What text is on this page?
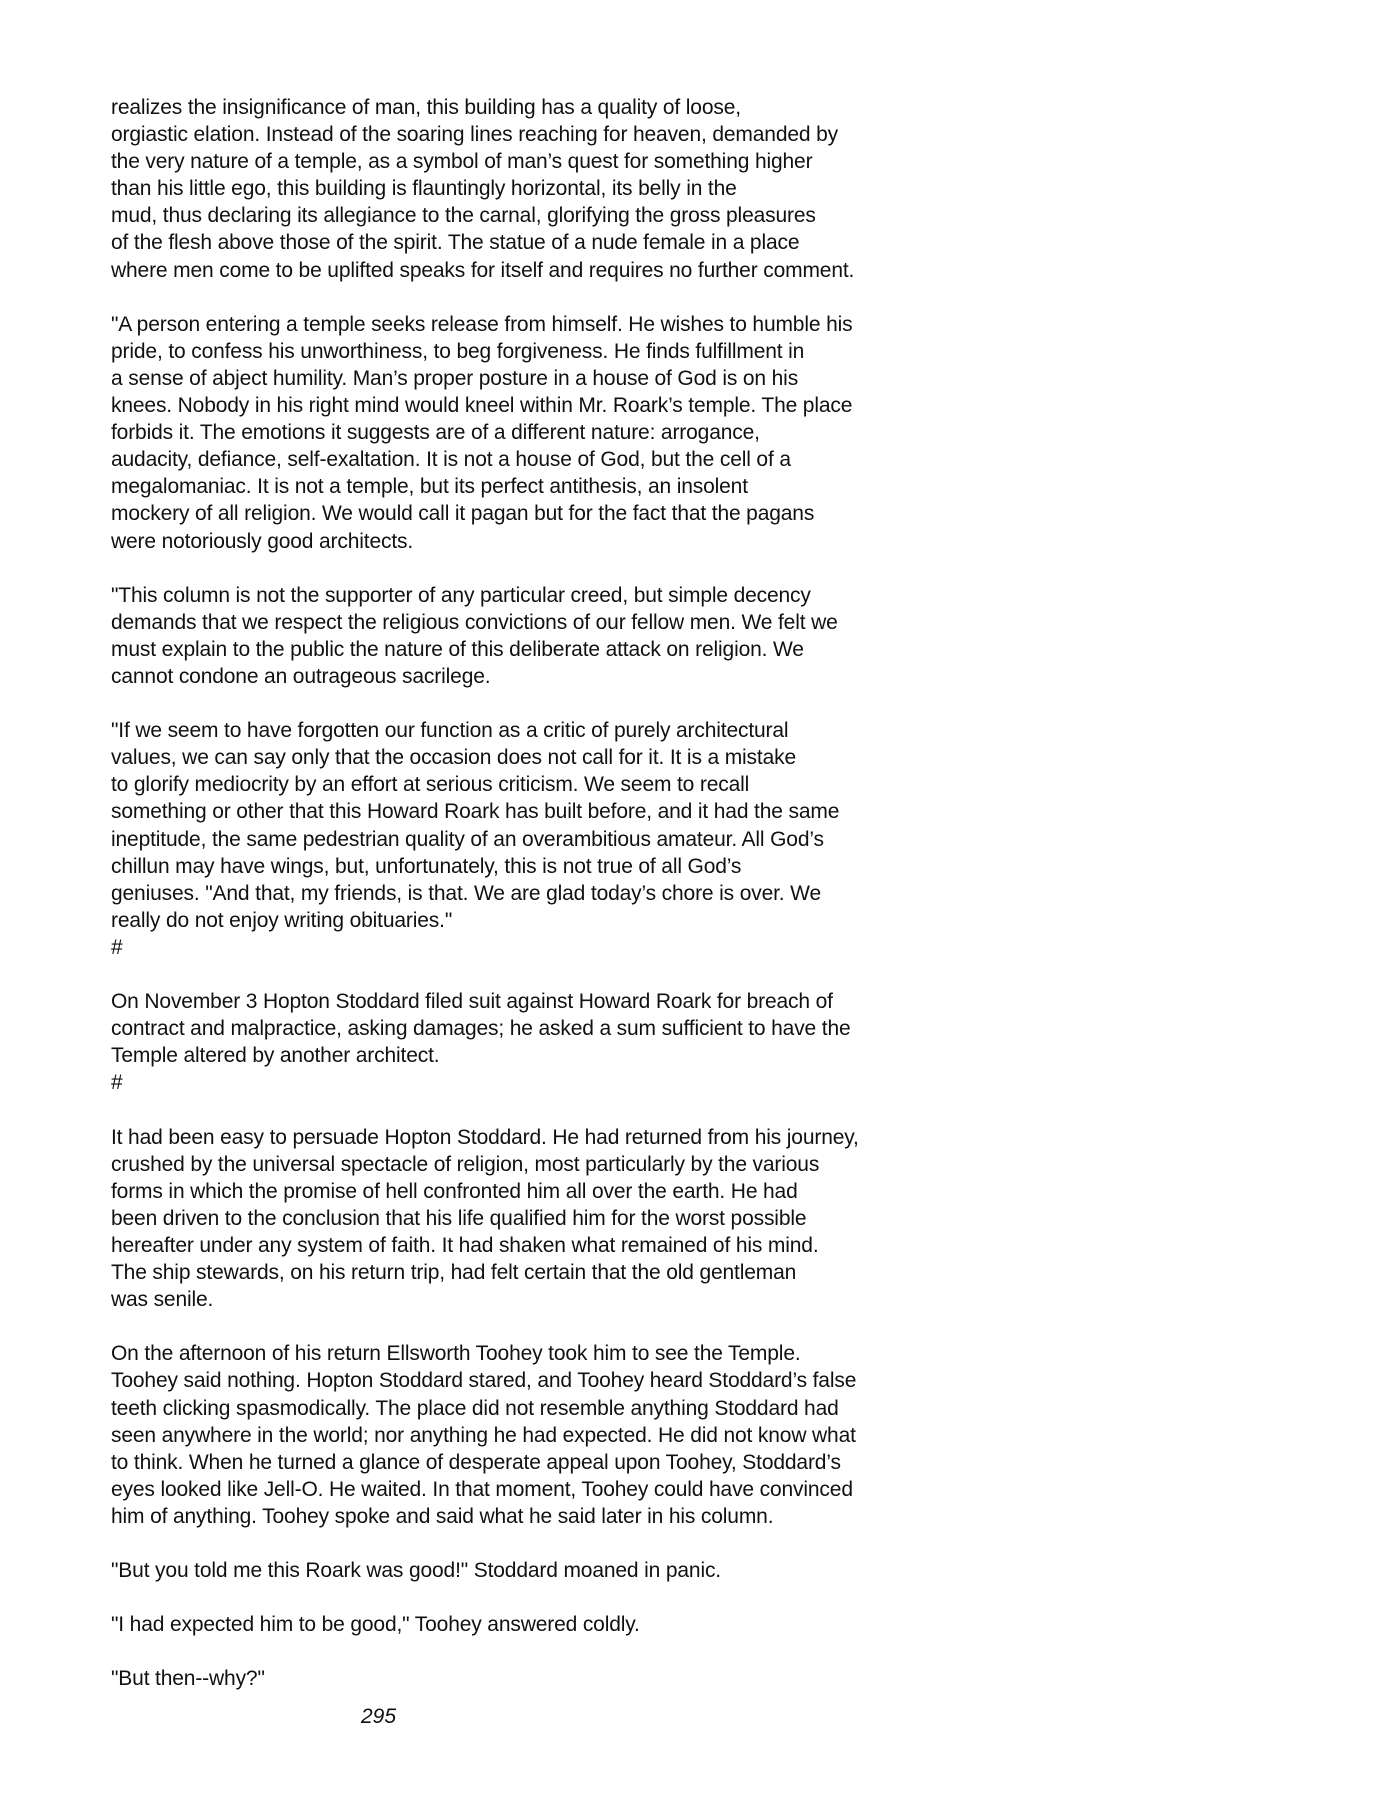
realizes the insignificance of man, this building has a quality of loose,
orgiastic elation. Instead of the soaring lines reaching for heaven, demanded by
the very nature of a temple, as a symbol of man’s quest for something higher
than his little ego, this building is flauntingly horizontal, its belly in the
mud, thus declaring its allegiance to the carnal, glorifying the gross pleasures
of the flesh above those of the spirit. The statue of a nude female in a place
where men come to be uplifted speaks for itself and requires no further comment.
"A person entering a temple seeks release from himself. He wishes to humble his
pride, to confess his unworthiness, to beg forgiveness. He finds fulfillment in
a sense of abject humility. Man’s proper posture in a house of God is on his
knees. Nobody in his right mind would kneel within Mr. Roark’s temple. The place
forbids it. The emotions it suggests are of a different nature: arrogance,
audacity, defiance, self-exaltation. It is not a house of God, but the cell of a
megalomaniac. It is not a temple, but its perfect antithesis, an insolent
mockery of all religion. We would call it pagan but for the fact that the pagans
were notoriously good architects.
"This column is not the supporter of any particular creed, but simple decency
demands that we respect the religious convictions of our fellow men. We felt we
must explain to the public the nature of this deliberate attack on religion. We
cannot condone an outrageous sacrilege.
"If we seem to have forgotten our function as a critic of purely architectural
values, we can say only that the occasion does not call for it. It is a mistake
to glorify mediocrity by an effort at serious criticism. We seem to recall
something or other that this Howard Roark has built before, and it had the same
ineptitude, the same pedestrian quality of an overambitious amateur. All God’s
chillun may have wings, but, unfortunately, this is not true of all God’s
geniuses. "And that, my friends, is that. We are glad today’s chore is over. We
really do not enjoy writing obituaries."
#
On November 3 Hopton Stoddard filed suit against Howard Roark for breach of
contract and malpractice, asking damages; he asked a sum sufficient to have the
Temple altered by another architect.
#
It had been easy to persuade Hopton Stoddard. He had returned from his journey,
crushed by the universal spectacle of religion, most particularly by the various
forms in which the promise of hell confronted him all over the earth. He had
been driven to the conclusion that his life qualified him for the worst possible
hereafter under any system of faith. It had shaken what remained of his mind.
The ship stewards, on his return trip, had felt certain that the old gentleman
was senile.
On the afternoon of his return Ellsworth Toohey took him to see the Temple.
Toohey said nothing. Hopton Stoddard stared, and Toohey heard Stoddard’s false
teeth clicking spasmodically. The place did not resemble anything Stoddard had
seen anywhere in the world; nor anything he had expected. He did not know what
to think. When he turned a glance of desperate appeal upon Toohey, Stoddard’s
eyes looked like Jell-O. He waited. In that moment, Toohey could have convinced
him of anything. Toohey spoke and said what he said later in his column.
"But you told me this Roark was good!" Stoddard moaned in panic.
"I had expected him to be good," Toohey answered coldly.
"But then--why?"
295
